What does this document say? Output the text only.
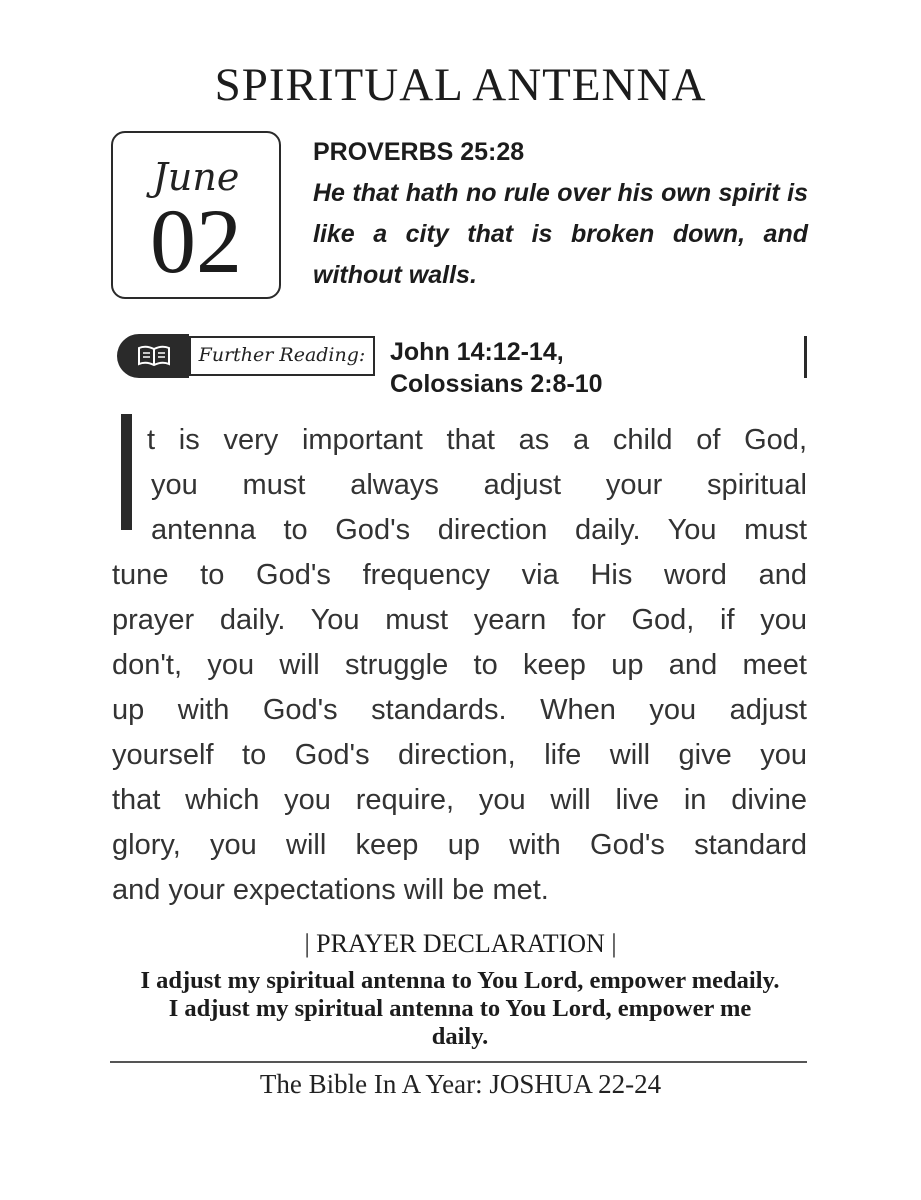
SPIRITUAL ANTENNA
June
02
PROVERBS 25:28
He that hath no rule over his own spirit is like a city that is broken down, and without walls.
Further Reading: John 14:12-14,
Colossians 2:8-10
t is very important that as a child of God,
you must always adjust your spiritual
antenna to God's direction daily. You must
tune to God's frequency via His word and
prayer daily. You must yearn for God, if you
don't, you will struggle to keep up and meet
up with God's standards. When you adjust
yourself to God's direction, life will give you
that which you require, you will live in divine
glory, you will keep up with God's standard
and your expectations will be met.
| PRAYER DECLARATION |
I adjust my spiritual antenna to You Lord, empower medaily. I adjust my spiritual antenna to You Lord, empower me daily.
The Bible In A Year: JOSHUA 22-24
